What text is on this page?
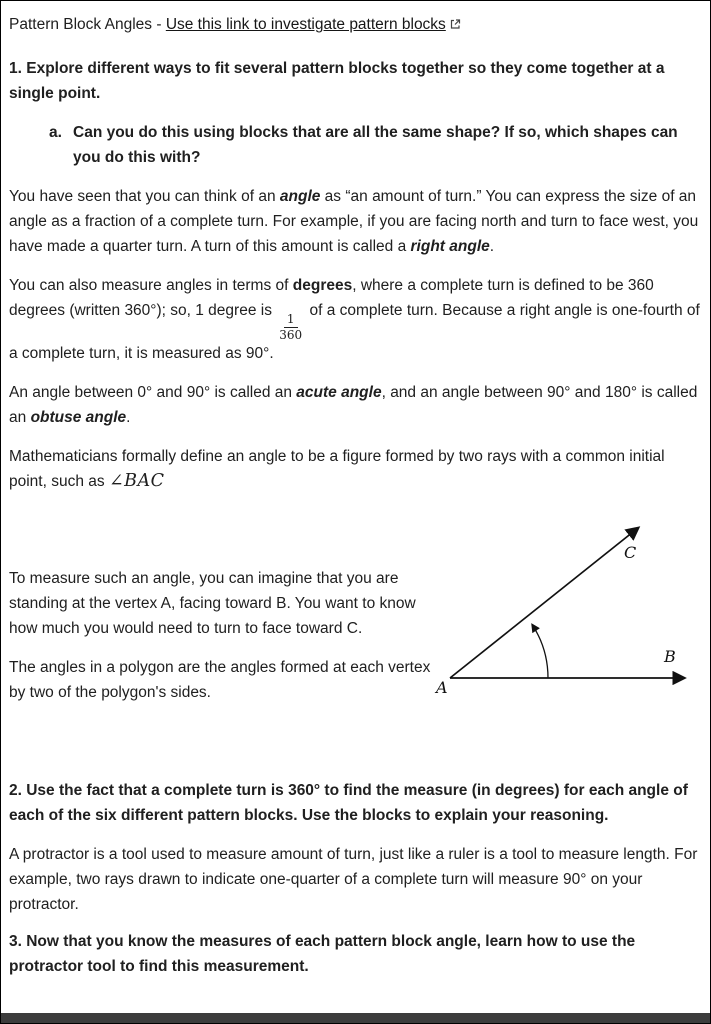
Pattern Block Angles - Use this link to investigate pattern blocks

1. Explore different ways to fit several pattern blocks together so they come together at a single point.

a. Can you do this using blocks that are all the same shape? If so, which shapes can you do this with?

You have seen that you can think of an angle as “an amount of turn.” You can express the size of an angle as a fraction of a complete turn. For example, if you are facing north and turn to face west, you have made a quarter turn. A turn of this amount is called a right angle.

You can also measure angles in terms of degrees, where a complete turn is defined to be 360 degrees (written 360°); so, 1 degree is
$\frac{1}{360}$
of a complete turn. Because a right angle is one-fourth of a complete turn, it is measured as 90°.

An angle between 0° and 90° is called an acute angle, and an angle between 90° and 180° is called an obtuse angle.

Mathematicians formally define an angle to be a figure formed by two rays with a common initial point, such as ∠BAC

To measure such an angle, you can imagine that you are standing at the vertex A, facing toward B. You want to know how much you would need to turn to face toward C.

The angles in a polygon are the angles formed at each vertex by two of the polygon's sides.	A
B
C

2. Use the fact that a complete turn is 360° to find the measure (in degrees) for each angle of each of the six different pattern blocks. Use the blocks to explain your reasoning.

A protractor is a tool used to measure amount of turn, just like a ruler is a tool to measure length. For example, two rays drawn to indicate one-quarter of a complete turn will measure 90° on your protractor.

3. Now that you know the measures of each pattern block angle, learn how to use the protractor tool to find this measurement.
